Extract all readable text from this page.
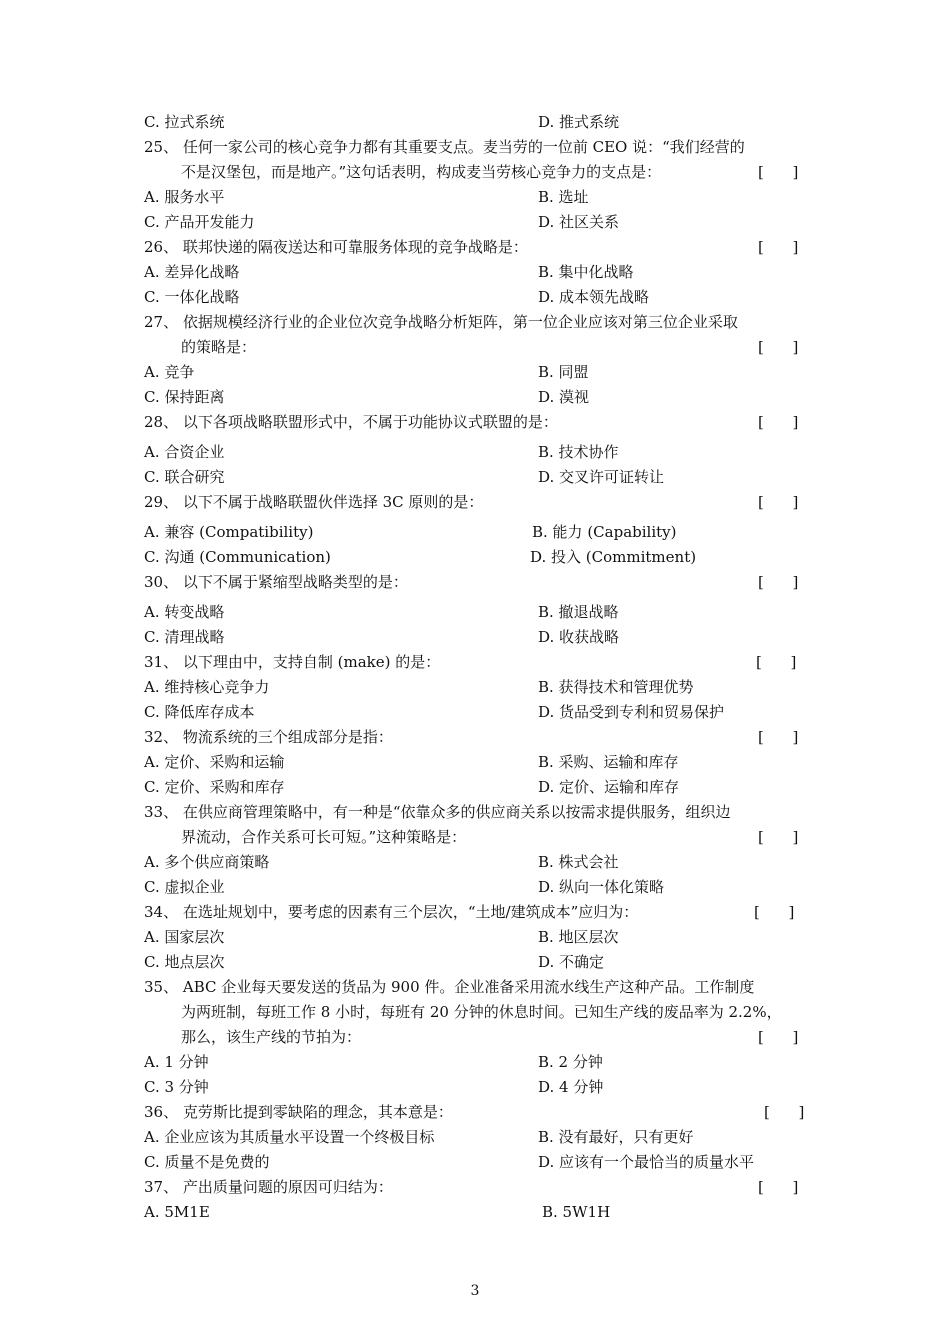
C. 拉式系统	D. 推式系统
25、 任何一家公司的核心竞争力都有其重要支点。麦当劳的一位前 CEO 说：“我们经营的
不是汉堡包，而是地产。”这句话表明，构成麦当劳核心竞争力的支点是：	[      ]
A. 服务水平	B. 选址
C. 产品开发能力	D. 社区关系
26、 联邦快递的隔夜送达和可靠服务体现的竞争战略是：	[      ]
A. 差异化战略	B. 集中化战略
C. 一体化战略	D. 成本领先战略
27、 依据规模经济行业的企业位次竞争战略分析矩阵，第一位企业应该对第三位企业采取
的策略是：	[      ]
A. 竞争	B. 同盟
C. 保持距离	D. 漠视
28、 以下各项战略联盟形式中，不属于功能协议式联盟的是：	[      ]
A. 合资企业	B. 技术协作
C. 联合研究	D. 交叉许可证转让
29、 以下不属于战略联盟伙伴选择 3C 原则的是：	[      ]
A. 兼容 (Compatibility)	B. 能力 (Capability)
C. 沟通 (Communication)	D. 投入 (Commitment)
30、 以下不属于紧缩型战略类型的是：	[      ]
A. 转变战略	B. 撤退战略
C. 清理战略	D. 收获战略
31、 以下理由中，支持自制 (make) 的是：	[      ]
A. 维持核心竞争力	B. 获得技术和管理优势
C. 降低库存成本	D. 货品受到专利和贸易保护
32、 物流系统的三个组成部分是指：	[      ]
A. 定价、采购和运输	B. 采购、运输和库存
C. 定价、采购和库存	D. 定价、运输和库存
33、 在供应商管理策略中，有一种是“依靠众多的供应商关系以按需求提供服务，组织边
界流动，合作关系可长可短。”这种策略是：	[      ]
A. 多个供应商策略	B. 株式会社
C. 虚拟企业	D. 纵向一体化策略
34、 在选址规划中，要考虑的因素有三个层次，“土地/建筑成本”应归为：	[      ]
A. 国家层次	B. 地区层次
C. 地点层次	D. 不确定
35、 ABC 企业每天要发送的货品为 900 件。企业准备采用流水线生产这种产品。工作制度
为两班制，每班工作 8 小时，每班有 20 分钟的休息时间。已知生产线的废品率为 2.2%，
那么，该生产线的节拍为：	[      ]
A. 1 分钟	B. 2 分钟
C. 3 分钟	D. 4 分钟
36、 克劳斯比提到零缺陷的理念，其本意是：	[      ]
A. 企业应该为其质量水平设置一个终极目标	B. 没有最好，只有更好
C. 质量不是免费的	D. 应该有一个最恰当的质量水平
37、 产出质量问题的原因可归结为：	[      ]
A. 5M1E	B. 5W1H
3
